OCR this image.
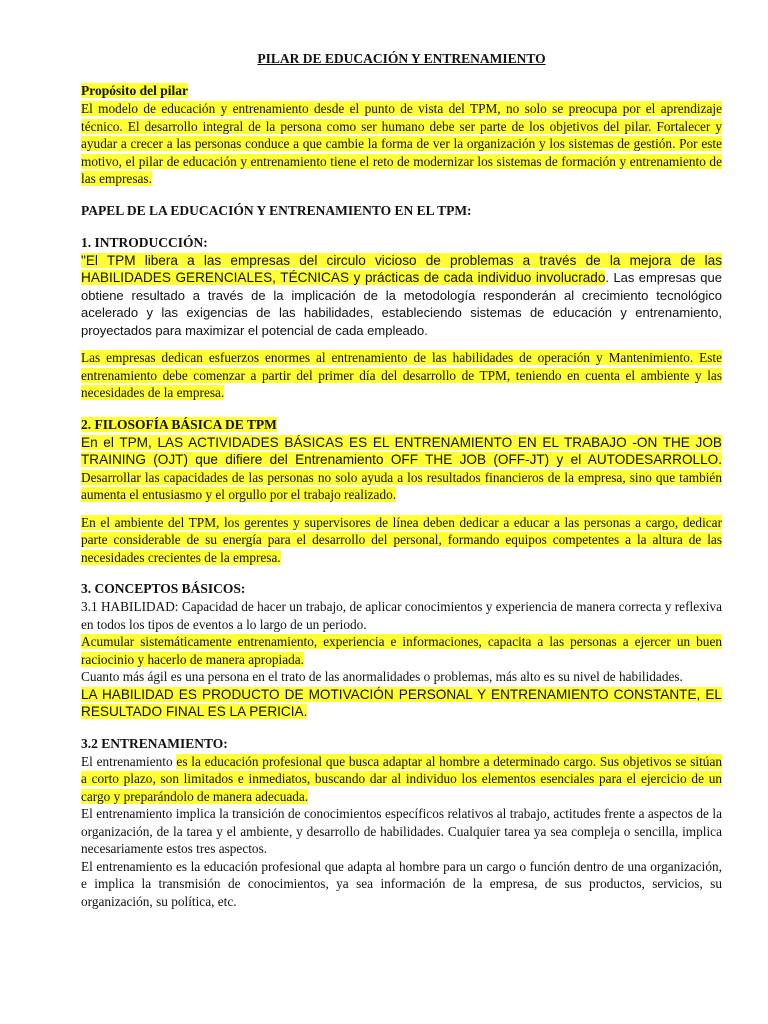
PILAR DE EDUCACIÓN Y ENTRENAMIENTO

Propósito del pilar

El modelo de educación y entrenamiento desde el punto de vista del TPM, no solo se preocupa por el aprendizaje técnico. El desarrollo integral de la persona como ser humano debe ser parte de los objetivos del pilar. Fortalecer y ayudar a crecer a las personas conduce a que cambie la forma de ver la organización y los sistemas de gestión. Por este motivo, el pilar de educación y entrenamiento tiene el reto de modernizar los sistemas de formación y entrenamiento de las empresas.

PAPEL DE LA EDUCACIÓN Y ENTRENAMIENTO EN EL TPM:

1. INTRODUCCIÓN:

"El TPM libera a las empresas del circulo vicioso de problemas a través de la mejora de las HABILIDADES GERENCIALES, TÉCNICAS y prácticas de cada individuo involucrado. Las empresas que obtiene resultado a través de la implicación de la metodología responderán al crecimiento tecnológico acelerado y las exigencias de las habilidades, estableciendo sistemas de educación y entrenamiento, proyectados para maximizar el potencial de cada empleado.

Las empresas dedican esfuerzos enormes al entrenamiento de las habilidades de operación y Mantenimiento. Este entrenamiento debe comenzar a partir del primer día del desarrollo de TPM, teniendo en cuenta el ambiente y las necesidades de la empresa.

2. FILOSOFÍA BÁSICA DE TPM

En el TPM, LAS ACTIVIDADES BÁSICAS ES EL ENTRENAMIENTO EN EL TRABAJO -ON THE JOB TRAINING (OJT) que difiere del Entrenamiento OFF THE JOB (OFF-JT) y el AUTODESARROLLO. Desarrollar las capacidades de las personas no solo ayuda a los resultados financieros de la empresa, sino que también aumenta el entusiasmo y el orgullo por el trabajo realizado.

En el ambiente del TPM, los gerentes y supervisores de línea deben dedicar a educar a las personas a cargo, dedicar parte considerable de su energía para el desarrollo del personal, formando equipos competentes a la altura de las necesidades crecientes de la empresa.

3. CONCEPTOS BÁSICOS:

3.1 HABILIDAD: Capacidad de hacer un trabajo, de aplicar conocimientos y experiencia de manera correcta y reflexiva en todos los tipos de eventos a lo largo de un periodo.

Acumular sistemáticamente entrenamiento, experiencia e informaciones, capacita a las personas a ejercer un buen raciocinio y hacerlo de manera apropiada.

Cuanto más ágil es una persona en el trato de las anormalidades o problemas, más alto es su nivel de habilidades.

LA HABILIDAD ES PRODUCTO DE MOTIVACIÓN PERSONAL Y ENTRENAMIENTO CONSTANTE, EL RESULTADO FINAL ES LA PERICIA.

3.2 ENTRENAMIENTO:

El entrenamiento es la educación profesional que busca adaptar al hombre a determinado cargo. Sus objetivos se sitúan a corto plazo, son limitados e inmediatos, buscando dar al individuo los elementos esenciales para el ejercicio de un cargo y preparándolo de manera adecuada.

El entrenamiento implica la transición de conocimientos específicos relativos al trabajo, actitudes frente a aspectos de la organización, de la tarea y el ambiente, y desarrollo de habilidades. Cualquier tarea ya sea compleja o sencilla, implica necesariamente estos tres aspectos.

El entrenamiento es la educación profesional que adapta al hombre para un cargo o función dentro de una organización, e implica la transmisión de conocimientos, ya sea información de la empresa, de sus productos, servicios, su organización, su política, etc.
